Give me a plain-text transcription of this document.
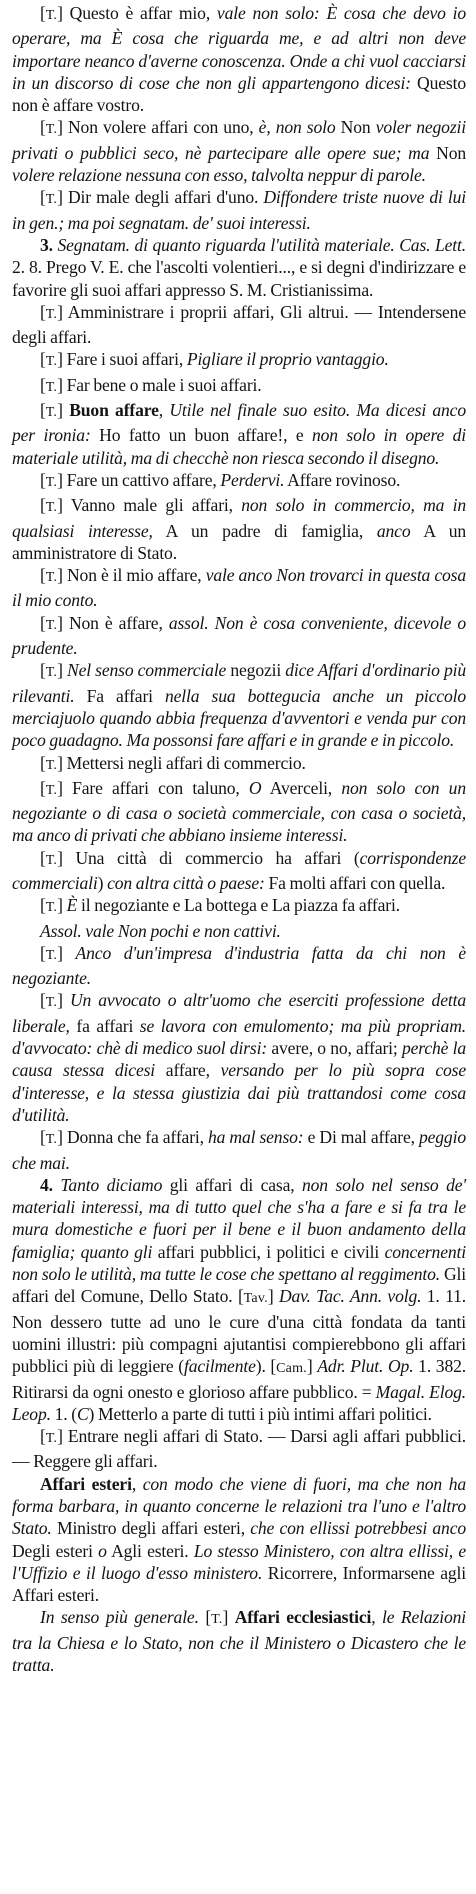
[T.] Questo è affar mio, vale non solo: È cosa che devo io operare, ma È cosa che riguarda me, e ad altri non deve importare neanco d'averne conoscenza. Onde a chi vuol cacciarsi in un discorso di cose che non gli appartengono dicesi: Questo non è affare vostro.

[T.] Non volere affari con uno, è, non solo Non voler negozii privati o pubblici seco, nè partecipare alle opere sue; ma Non volere relazione nessuna con esso, talvolta neppur di parole.

[T.] Dir male degli affari d'uno. Diffondere triste nuove di lui in gen.; ma poi segnatam. de' suoi interessi.

3. Segnatam. di quanto riguarda l'utilità materiale. Cas. Lett. 2. 8. Prego V. E. che l'ascolti volentieri..., e si degni d'indirizzare e favorire gli suoi affari appresso S. M. Cristianissima.

[T.] Amministrare i proprii affari, Gli altrui. — Intendersene degli affari.

[T.] Fare i suoi affari, Pigliare il proprio vantaggio.

[T.] Far bene o male i suoi affari.

[T.] Buon affare, Utile nel finale suo esito. Ma dicesi anco per ironia: Ho fatto un buon affare!, e non solo in opere di materiale utilità, ma di checchè non riesca secondo il disegno.

[T.] Fare un cattivo affare, Perdervi. Affare rovinoso.

[T.] Vanno male gli affari, non solo in commercio, ma in qualsiasi interesse, A un padre di famiglia, anco A un amministratore di Stato.

[T.] Non è il mio affare, vale anco Non trovarci in questa cosa il mio conto.

[T.] Non è affare, assol. Non è cosa conveniente, dicevole o prudente.

[T.] Nel senso commerciale negozii dice Affari d'ordinario più rilevanti. Fa affari nella sua bottegucia anche un piccolo merciajuolo quando abbia frequenza d'avventori e venda pur con poco guadagno. Ma possonsi fare affari e in grande e in piccolo.

[T.] Mettersi negli affari di commercio.

[T.] Fare affari con taluno, O Averceli, non solo con un negoziante o di casa o società commerciale, con casa o società, ma anco di privati che abbiano insieme interessi.

[T.] Una città di commercio ha affari (corrispondenze commerciali) con altra città o paese: Fa molti affari con quella.

[T.] È il negoziante e La bottega e La piazza fa affari.

Assol. vale Non pochi e non cattivi.

[T.] Anco d'un'impresa d'industria fatta da chi non è negoziante.

[T.] Un avvocato o altr'uomo che eserciti professione detta liberale, fa affari se lavora con emulomento; ma più propriam. d'avvocato: chè di medico suol dirsi: avere, o no, affari; perchè la causa stessa dicesi affare, versando per lo più sopra cose d'interesse, e la stessa giustizia dai più trattandosi come cosa d'utilità.

[T.] Donna che fa affari, ha mal senso: e Di mal affare, peggio che mai.

4. Tanto diciamo gli affari di casa, non solo nel senso de' materiali interessi, ma di tutto quel che s'ha a fare e si fa tra le mura domestiche e fuori per il bene e il buon andamento della famiglia; quanto gli affari pubblici, i politici e civili concernenti non solo le utilità, ma tutte le cose che spettano al reggimento. Gli affari del Comune, Dello Stato. [Tav.] Dav. Tac. Ann. volg. 1. 11. Non dessero tutte ad uno le cure d'una città fondata da tanti uomini illustri: più compagni ajutantisi compierebbono gli affari pubblici più di leggiere (facilmente). [Cam.] Adr. Plut. Op. 1. 382. Ritirarsi da ogni onesto e glorioso affare pubblico. = Magal. Elog. Leop. 1. (C) Metterlo a parte di tutti i più intimi affari politici.

[T.] Entrare negli affari di Stato. — Darsi agli affari pubblici. — Reggere gli affari.

Affari esteri, con modo che viene di fuori, ma che non ha forma barbara, in quanto concerne le relazioni tra l'uno e l'altro Stato. Ministro degli affari esteri, che con ellissi potrebbesi anco Degli esteri o Agli esteri. Lo stesso Ministero, con altra ellissi, e l'Uffizio e il luogo d'esso ministero. Ricorrere, Informarsene agli Affari esteri.

In senso più generale. [T.] Affari ecclesiastici, le Relazioni tra la Chiesa e lo Stato, non che il Ministero o Dicastero che le tratta.
